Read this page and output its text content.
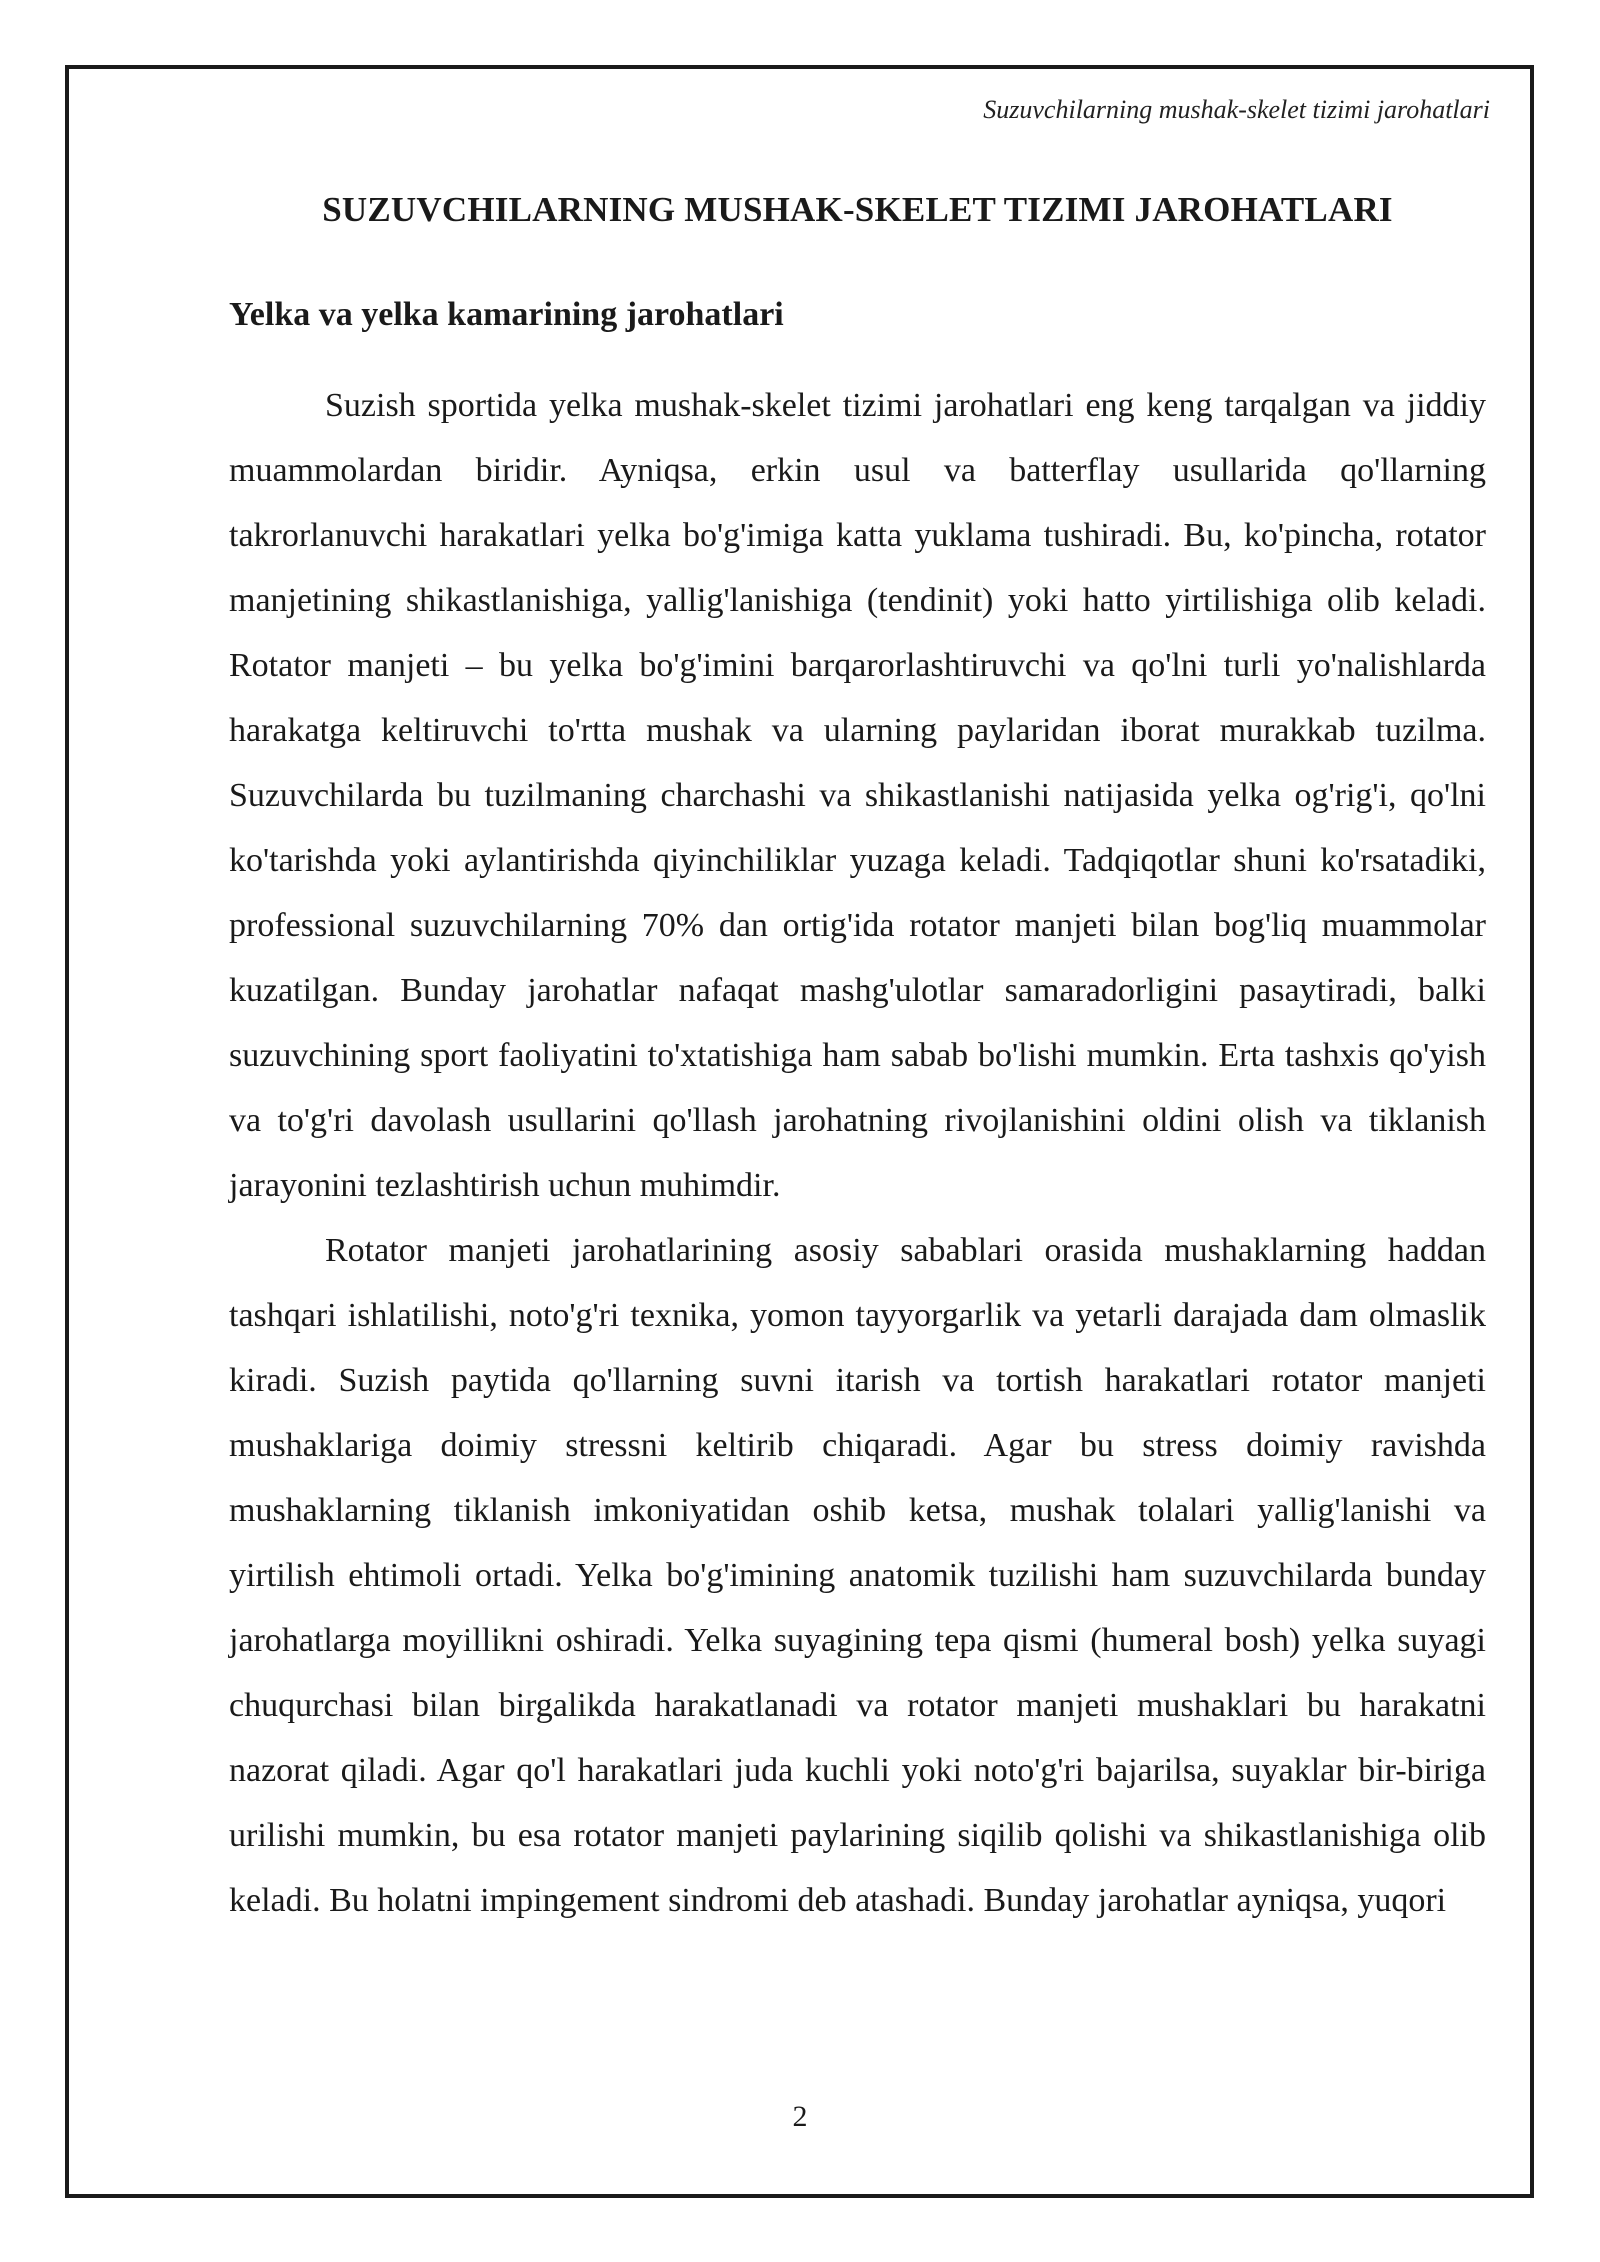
Suzuvchilarning mushak-skelet tizimi jarohatlari
SUZUVCHILARNING MUSHAK-SKELET TIZIMI JAROHATLARI
Yelka va yelka kamarining jarohatlari

Suzish sportida yelka mushak-skelet tizimi jarohatlari eng keng tarqalgan va jiddiy muammolardan biridir. Ayniqsa, erkin usul va batterflay usullarida qo'llarning takrorlanuvchi harakatlari yelka bo'g'imiga katta yuklama tushiradi. Bu, ko'pincha, rotator manjetining shikastlanishiga, yallig'lanishiga (tendinit) yoki hatto yirtilishiga olib keladi. Rotator manjeti – bu yelka bo'g'imini barqarorlashtiruvchi va qo'lni turli yo'nalishlarda harakatga keltiruvchi to'rtta mushak va ularning paylaridan iborat murakkab tuzilma. Suzuvchilarda bu tuzilmaning charchashi va shikastlanishi natijasida yelka og'rig'i, qo'lni ko'tarishda yoki aylantirishda qiyinchiliklar yuzaga keladi. Tadqiqotlar shuni ko'rsatadiki, professional suzuvchilarning 70% dan ortig'ida rotator manjeti bilan bog'liq muammolar kuzatilgan. Bunday jarohatlar nafaqat mashg'ulotlar samaradorligini pasaytiradi, balki suzuvchining sport faoliyatini to'xtatishiga ham sabab bo'lishi mumkin. Erta tashxis qo'yish va to'g'ri davolash usullarini qo'llash jarohatning rivojlanishini oldini olish va tiklanish jarayonini tezlashtirish uchun muhimdir.

Rotator manjeti jarohatlarining asosiy sabablari orasida mushaklarning haddan tashqari ishlatilishi, noto'g'ri texnika, yomon tayyorgarlik va yetarli darajada dam olmaslik kiradi. Suzish paytida qo'llarning suvni itarish va tortish harakatlari rotator manjeti mushaklariga doimiy stressni keltirib chiqaradi. Agar bu stress doimiy ravishda mushaklarning tiklanish imkoniyatidan oshib ketsa, mushak tolalari yallig'lanishi va yirtilish ehtimoli ortadi. Yelka bo'g'imining anatomik tuzilishi ham suzuvchilarda bunday jarohatlarga moyillikni oshiradi. Yelka suyagining tepa qismi (humeral bosh) yelka suyagi chuqurchasi bilan birgalikda harakatlanadi va rotator manjeti mushaklari bu harakatni nazorat qiladi. Agar qo'l harakatlari juda kuchli yoki noto'g'ri bajarilsa, suyaklar bir-biriga urilishi mumkin, bu esa rotator manjeti paylarining siqilib qolishi va shikastlanishiga olib keladi. Bu holatni impingement sindromi deb atashadi. Bunday jarohatlar ayniqsa, yuqori

2
